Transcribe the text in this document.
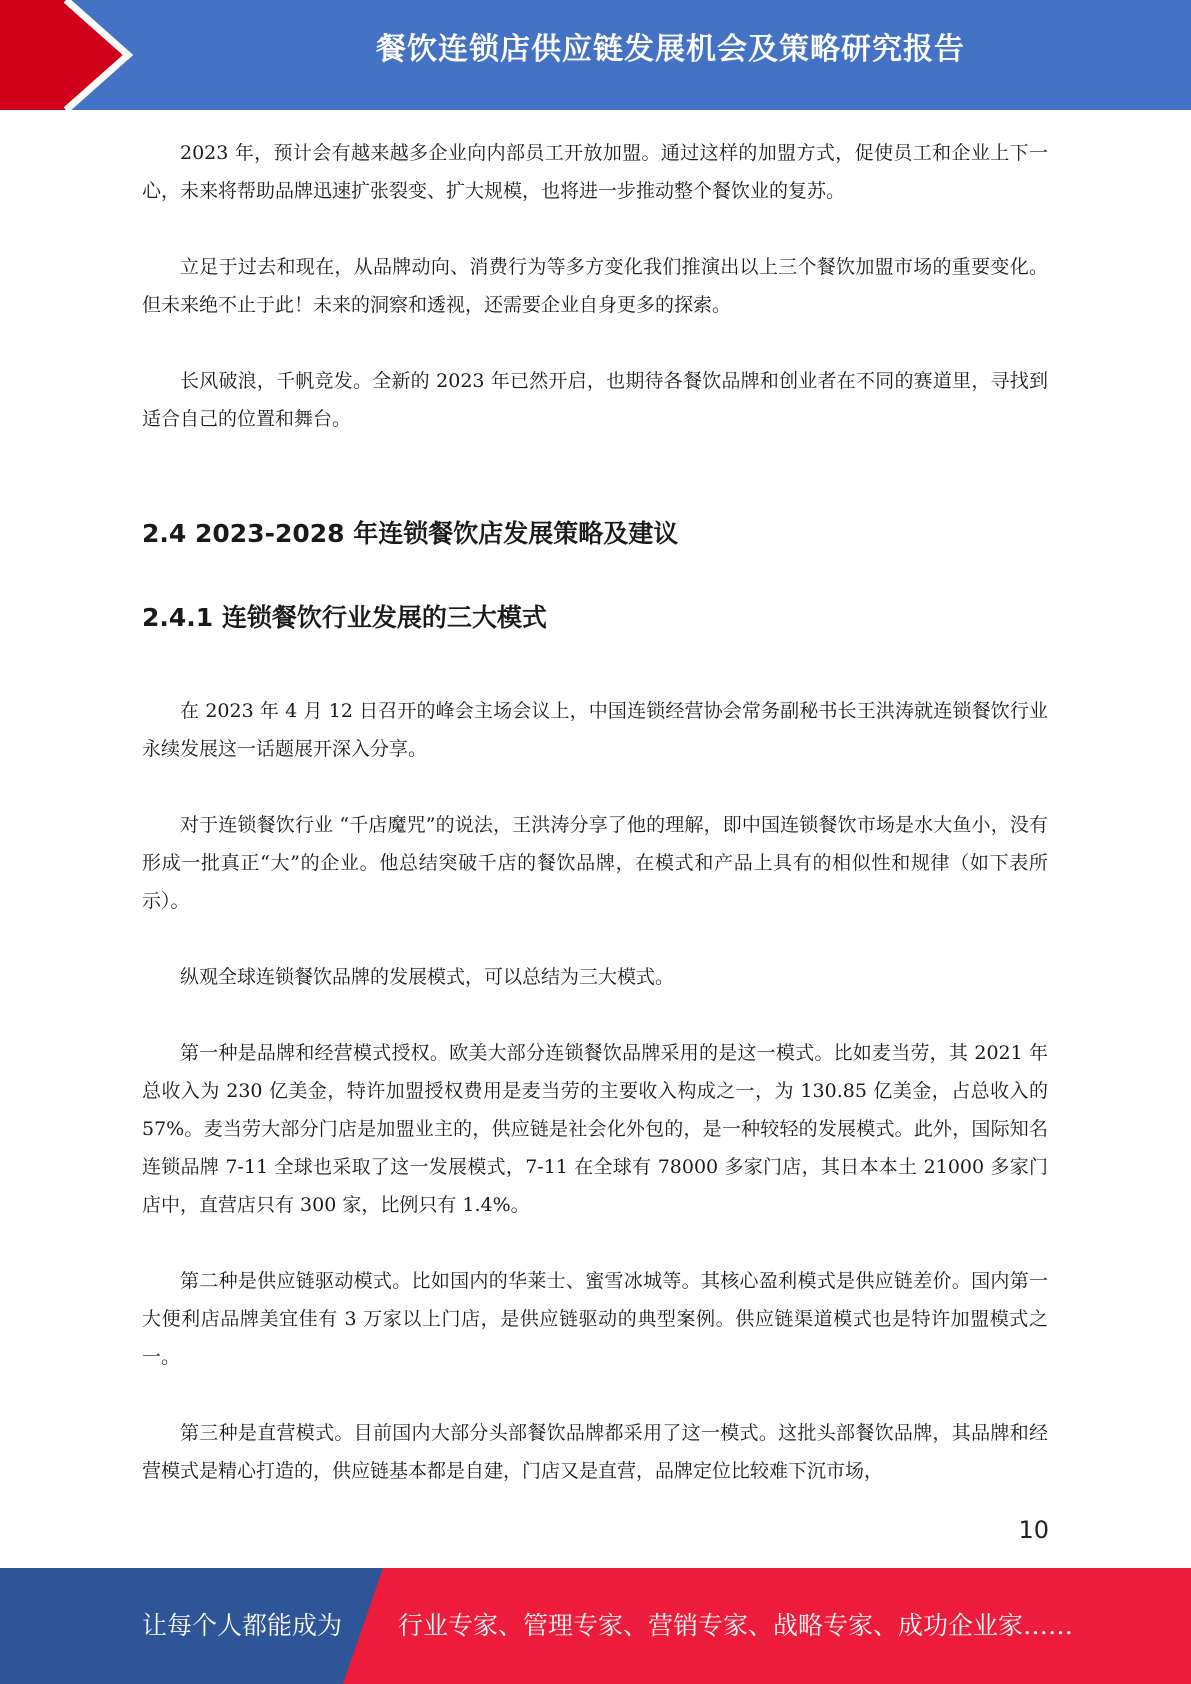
餐饮连锁店供应链发展机会及策略研究报告

2023 年，预计会有越来越多企业向内部员工开放加盟。通过这样的加盟方式，促使员工和企业上下一心，未来将帮助品牌迅速扩张裂变、扩大规模，也将进一步推动整个餐饮业的复苏。

立足于过去和现在，从品牌动向、消费行为等多方变化我们推演出以上三个餐饮加盟市场的重要变化。但未来绝不止于此！未来的洞察和透视，还需要企业自身更多的探索。

长风破浪，千帆竞发。全新的 2023 年已然开启，也期待各餐饮品牌和创业者在不同的赛道里，寻找到适合自己的位置和舞台。

2.4 2023-2028 年连锁餐饮店发展策略及建议
2.4.1 连锁餐饮行业发展的三大模式

在 2023 年 4 月 12 日召开的峰会主场会议上，中国连锁经营协会常务副秘书长王洪涛就连锁餐饮行业永续发展这一话题展开深入分享。

对于连锁餐饮行业 “千店魔咒”的说法，王洪涛分享了他的理解，即中国连锁餐饮市场是水大鱼小，没有形成一批真正“大”的企业。他总结突破千店的餐饮品牌，在模式和产品上具有的相似性和规律（如下表所示）。

纵观全球连锁餐饮品牌的发展模式，可以总结为三大模式。

第一种是品牌和经营模式授权。欧美大部分连锁餐饮品牌采用的是这一模式。比如麦当劳，其 2021 年总收入为 230 亿美金，特许加盟授权费用是麦当劳的主要收入构成之一，为 130.85 亿美金，占总收入的 57%。麦当劳大部分门店是加盟业主的，供应链是社会化外包的，是一种较轻的发展模式。此外，国际知名连锁品牌 7-11 全球也采取了这一发展模式，7-11 在全球有 78000 多家门店，其日本本土 21000 多家门店中，直营店只有 300 家，比例只有 1.4%。

第二种是供应链驱动模式。比如国内的华莱士、蜜雪冰城等。其核心盈利模式是供应链差价。国内第一大便利店品牌美宜佳有 3 万家以上门店，是供应链驱动的典型案例。供应链渠道模式也是特许加盟模式之一。

第三种是直营模式。目前国内大部分头部餐饮品牌都采用了这一模式。这批头部餐饮品牌，其品牌和经营模式是精心打造的，供应链基本都是自建，门店又是直营，品牌定位比较难下沉市场，

10
让每个人都能成为 行业专家、管理专家、营销专家、战略专家、成功企业家……
